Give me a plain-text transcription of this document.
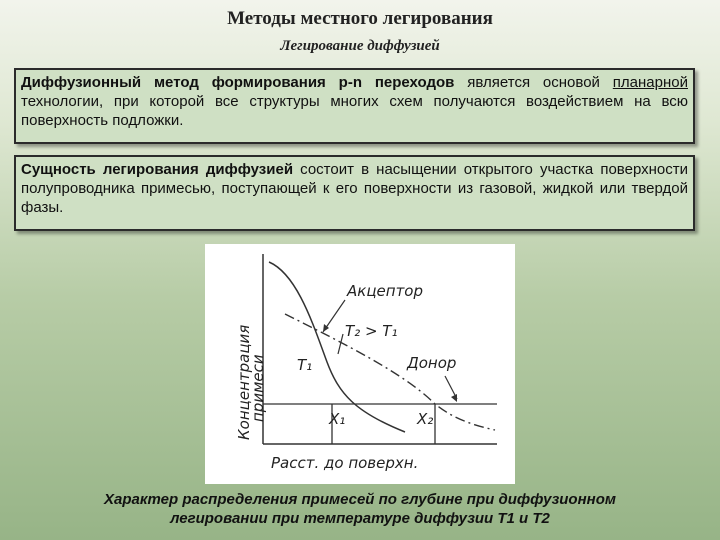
Методы местного легирования
Легирование диффузией
Диффузионный метод формирования p-n переходов является основой планарной технологии, при которой все структуры многих схем получаются воздействием на всю поверхность подложки.
Сущность легирования диффузией состоит в насыщении открытого участка поверхности полупроводника примесью, поступающей к его поверхности из газовой, жидкой или твердой фазы.
Концентрация
примеси
Расст. до поверхн.
Акцептор
T₂ > T₁
Донор
T₁
X₁	X₂
Характер распределения примесей по глубине при диффузионном
легировании при температуре диффузии Т1 и Т2
